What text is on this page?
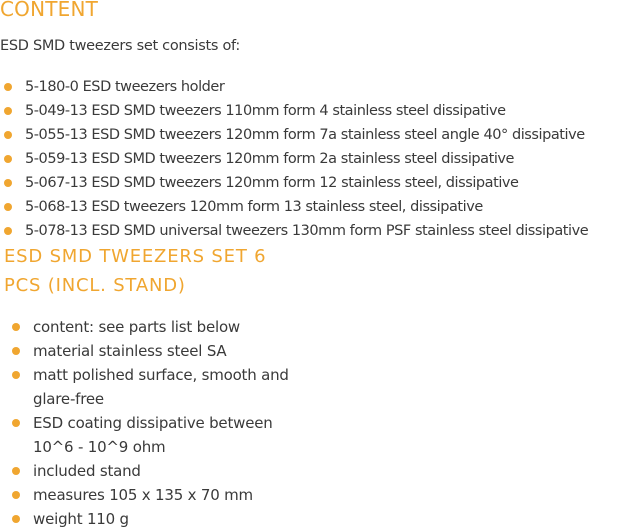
CONTENT

ESD SMD tweezers set consists of:

5-180-0 ESD tweezers holder
5-049-13 ESD SMD tweezers 110mm form 4 stainless steel dissipative
5-055-13 ESD SMD tweezers 120mm form 7a stainless steel angle 40° dissipative
5-059-13 ESD SMD tweezers 120mm form 2a stainless steel dissipative
5-067-13 ESD SMD tweezers 120mm form 12 stainless steel, dissipative
5-068-13 ESD tweezers 120mm form 13 stainless steel, dissipative
5-078-13 ESD SMD universal tweezers 130mm form PSF stainless steel dissipative
ESD SMD TWEEZERS SET 6 PCS (INCL. STAND)
content: see parts list below
material stainless steel SA
matt polished surface, smooth and glare-free
ESD coating dissipative between 10^6 - 10^9 ohm
included stand
measures 105 x 135 x 70 mm
weight 110 g
